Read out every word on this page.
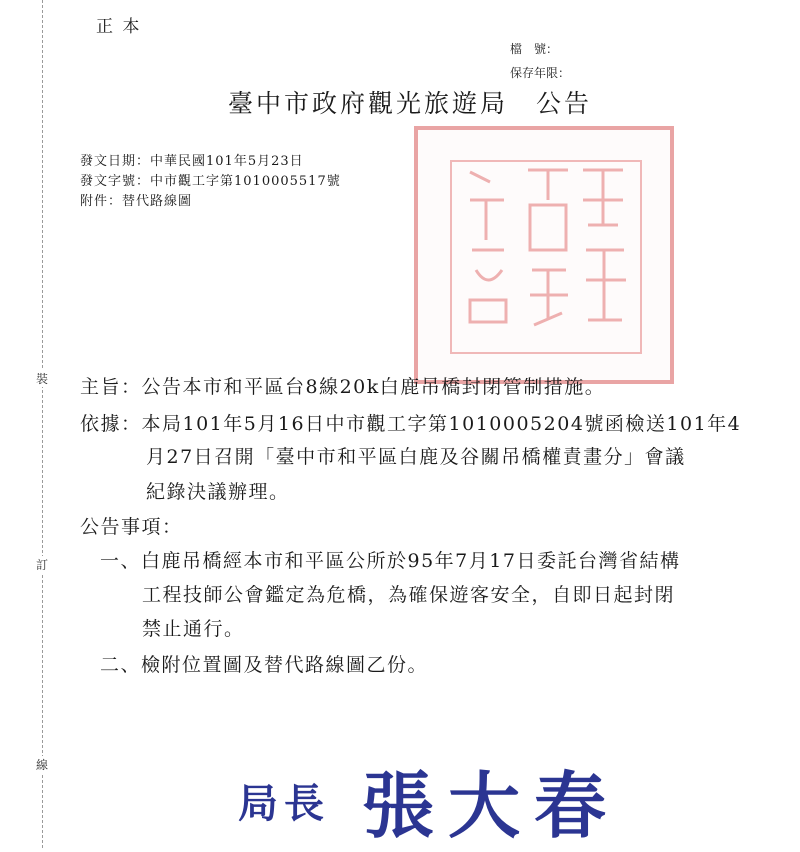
裝
訂
線
正 本
檔　號：
保存年限：
臺中市政府觀光旅遊局　公告
發文日期：中華民國101年5月23日
發文字號：中市觀工字第1010005517號
附件：替代路線圖
主旨：公告本市和平區台8線20k白鹿吊橋封閉管制措施。
依據：本局101年5月16日中市觀工字第1010005204號函檢送101年4
月27日召開「臺中市和平區白鹿及谷關吊橋權責畫分」會議
紀錄決議辦理。
公告事項：
一、白鹿吊橋經本市和平區公所於95年7月17日委託台灣省結構
工程技師公會鑑定為危橋，為確保遊客安全，自即日起封閉
禁止通行。
二、檢附位置圖及替代路線圖乙份。
局長 張大春
